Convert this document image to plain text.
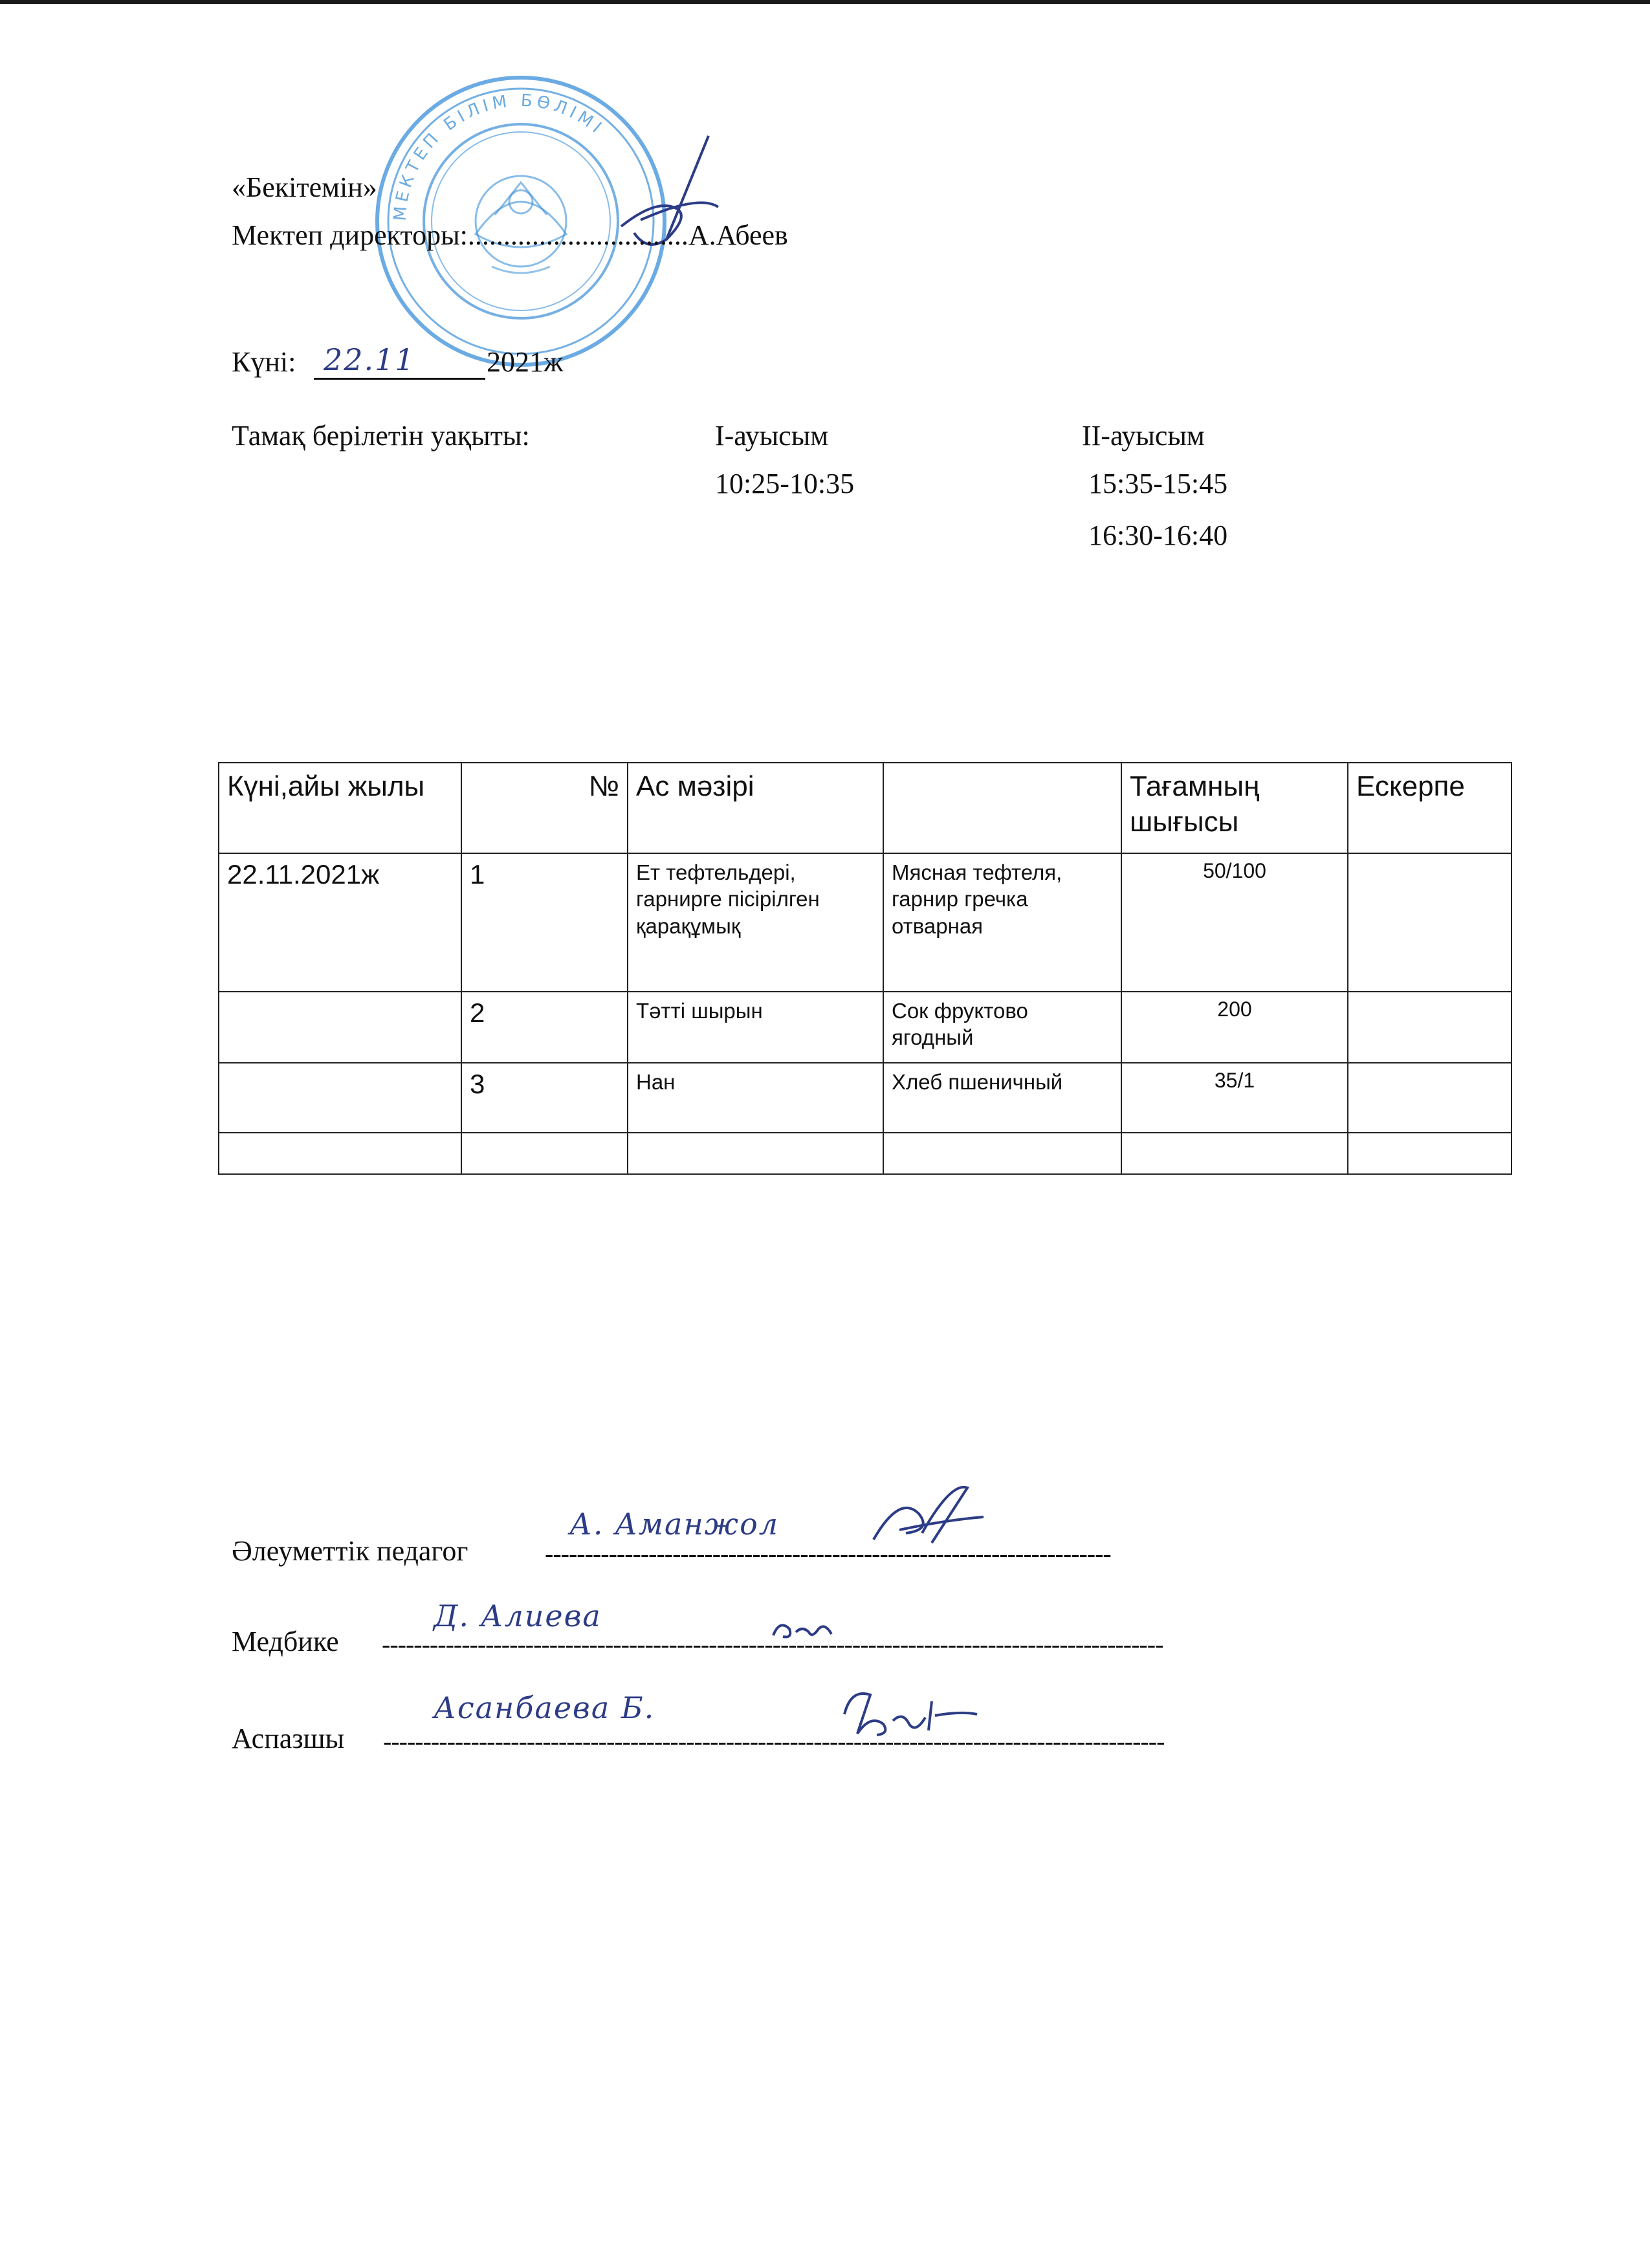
МЕКТЕП БІЛІМ БӨЛІМІ
«Бекітемін»
Мектеп директоры:...............................А.Абеев
Күні: 22.11	2021ж
Тамақ берілетін уақыты:	I-ауысым
10:25-10:35
II-ауысым
15:35-15:45
16:30-16:40
Күні,айы жылы	№	Ас мәзірі		Тағамның шығысы	Ескерпе
22.11.2021ж	1	Ет тефтельдері, гарнирге пісірілген қарақұмық	Мясная тефтеля, гарнир гречка отварная	50/100	
	2	Тәтті шырын	Сок фруктово ягодный	200	
	3	Нан	Хлеб пшеничный	35/1	

Әлеуметтік педагог	-----------------------------------------------------------------------
А. Аманжол
Медбике --------------------------------------------------------------------------------------------------
Д. Алиева
Аспазшы --------------------------------------------------------------------------------------------------
Асанбаева Б.
